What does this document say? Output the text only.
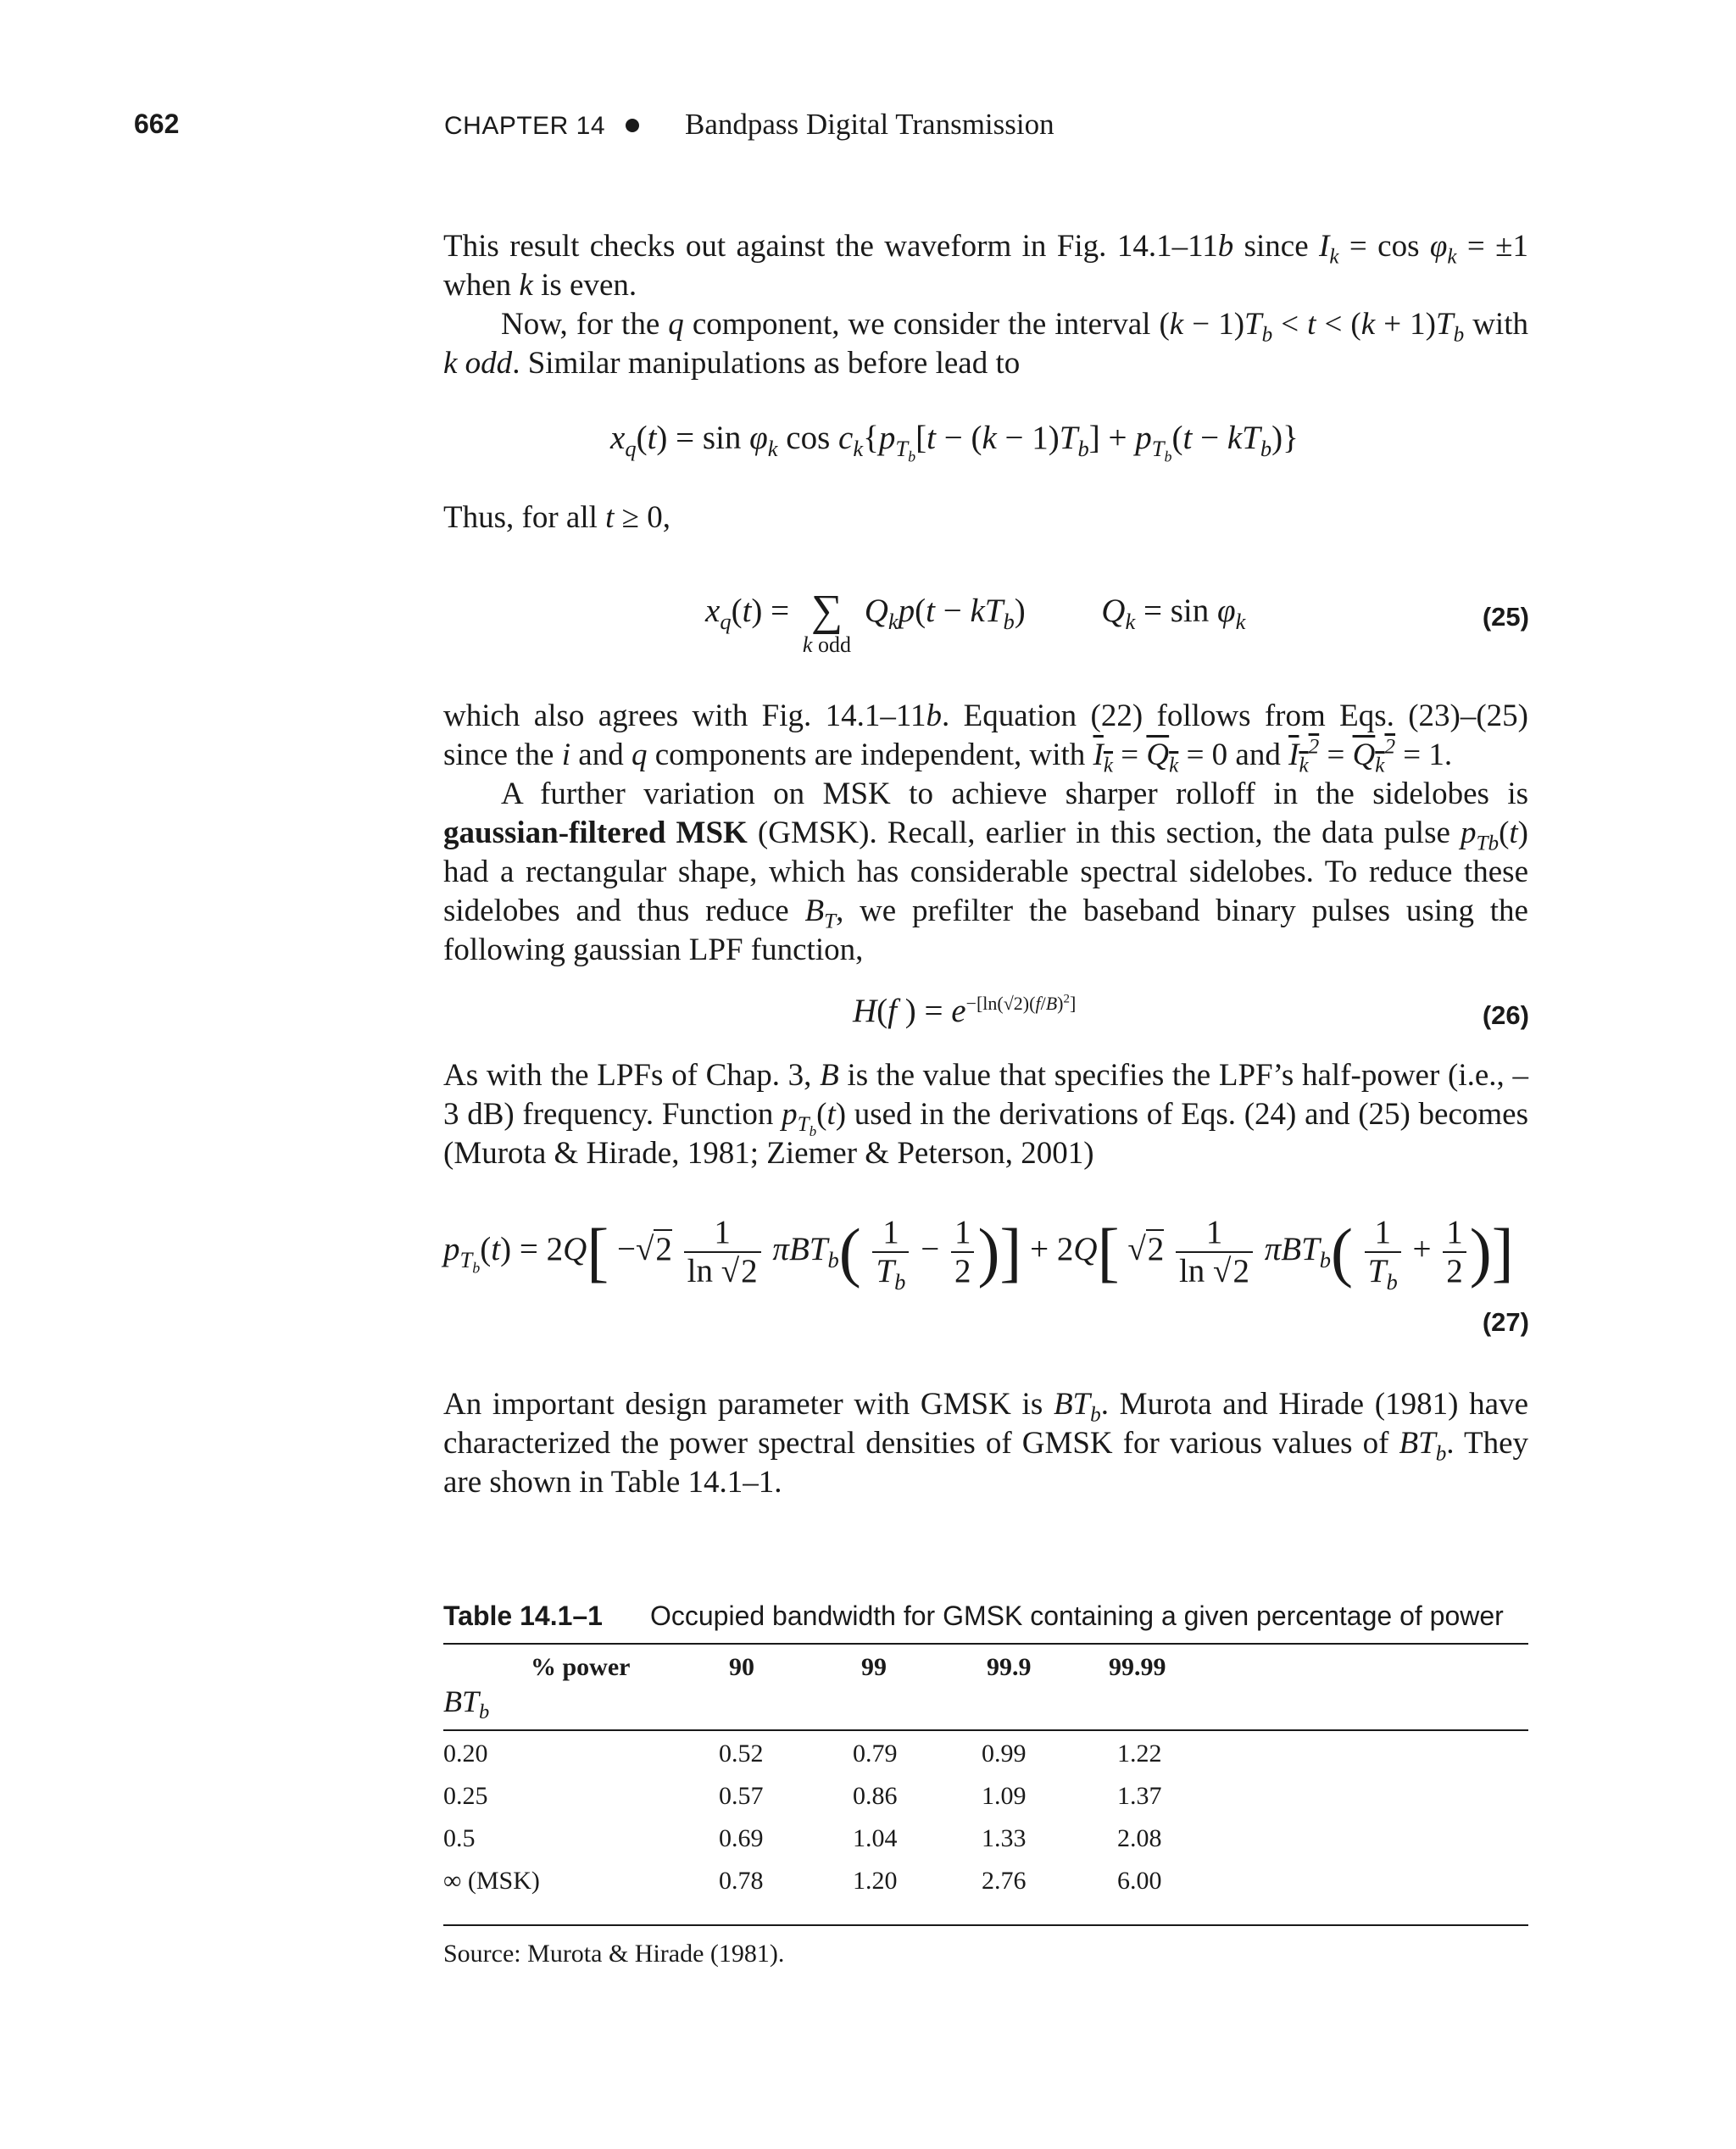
662	CHAPTER 14	Bandpass Digital Transmission
This result checks out against the waveform in Fig. 14.1–11b since $I_k = \cos \varphi_k = \pm 1$ when k is even.
Now, for the q component, we consider the interval $(k - 1)T_b < t < (k + 1)T_b$ with k odd. Similar manipulations as before lead to
$x_q(t) = \sin \varphi_k$ $\cos c_k\{p_{T_b}[t - (k - 1)T_b] + p_{T_b}(t - kT_b)\}$
Thus, for all t ≥ 0,
$x_q(t)$ = ∑
k odd
$Q_kp(t - kT_b) Q_k = \sin \varphi_k$	(25)
which also agrees with Fig. 14.1–11b. Equation (22) follows from Eqs. (23)–(25) since the i and q components are independent, with $I_k = Q_k = 0$ and $I_k^2 = Q_k^2 = 1$.
A further variation on MSK to achieve sharper rolloff in the sidelobes is gaussian-filtered MSK (GMSK). Recall, earlier in this section, the data pulse $p_{Tb}(t)$ had a rectangular shape, which has considerable spectral sidelobes. To reduce these sidelobes and thus reduce $B_T$, we prefilter the baseband binary pulses using the following gaussian LPF function,
H(f ) = $e^{-[ln(√2)(f/B)^2]}$	(26)
As with the LPFs of Chap. 3, B is the value that specifies the LPF’s half-power (i.e., –3 dB) frequency. Function $p_{T_b}(t)$ used in the derivations of Eqs. (24) and (25) becomes (Murota & Hirade, 1981; Ziemer & Peterson, 2001)
$p_{T_b}(t) = 2Q[ -√2 \frac{1}{\ln √2} \pi BT_b( \frac{1}{T_b} - \frac{1}{2}$ )] + 2Q[ $√2 \frac{1}{\ln √2} \pi BT_b( \frac{1}{T_b} + \frac{1}{2}$ )]
(27)
An important design parameter with GMSK is $BT_b$. Murota and Hirade (1981) have characterized the power spectral densities of GMSK for various values of $BT_b$. They are shown in Table 14.1–1.
Table 14.1–1 Occupied bandwidth for GMSK containing a given percentage of power
% power	90	99	99.9	99.99
$BT_b$
0.20	0.52	0.79	0.99	1.22
0.25	0.57	0.86	1.09	1.37
0.5	0.69	1.04	1.33	2.08
∞ (MSK)	0.78	1.20	2.76	6.00
Source: Murota & Hirade (1981).
